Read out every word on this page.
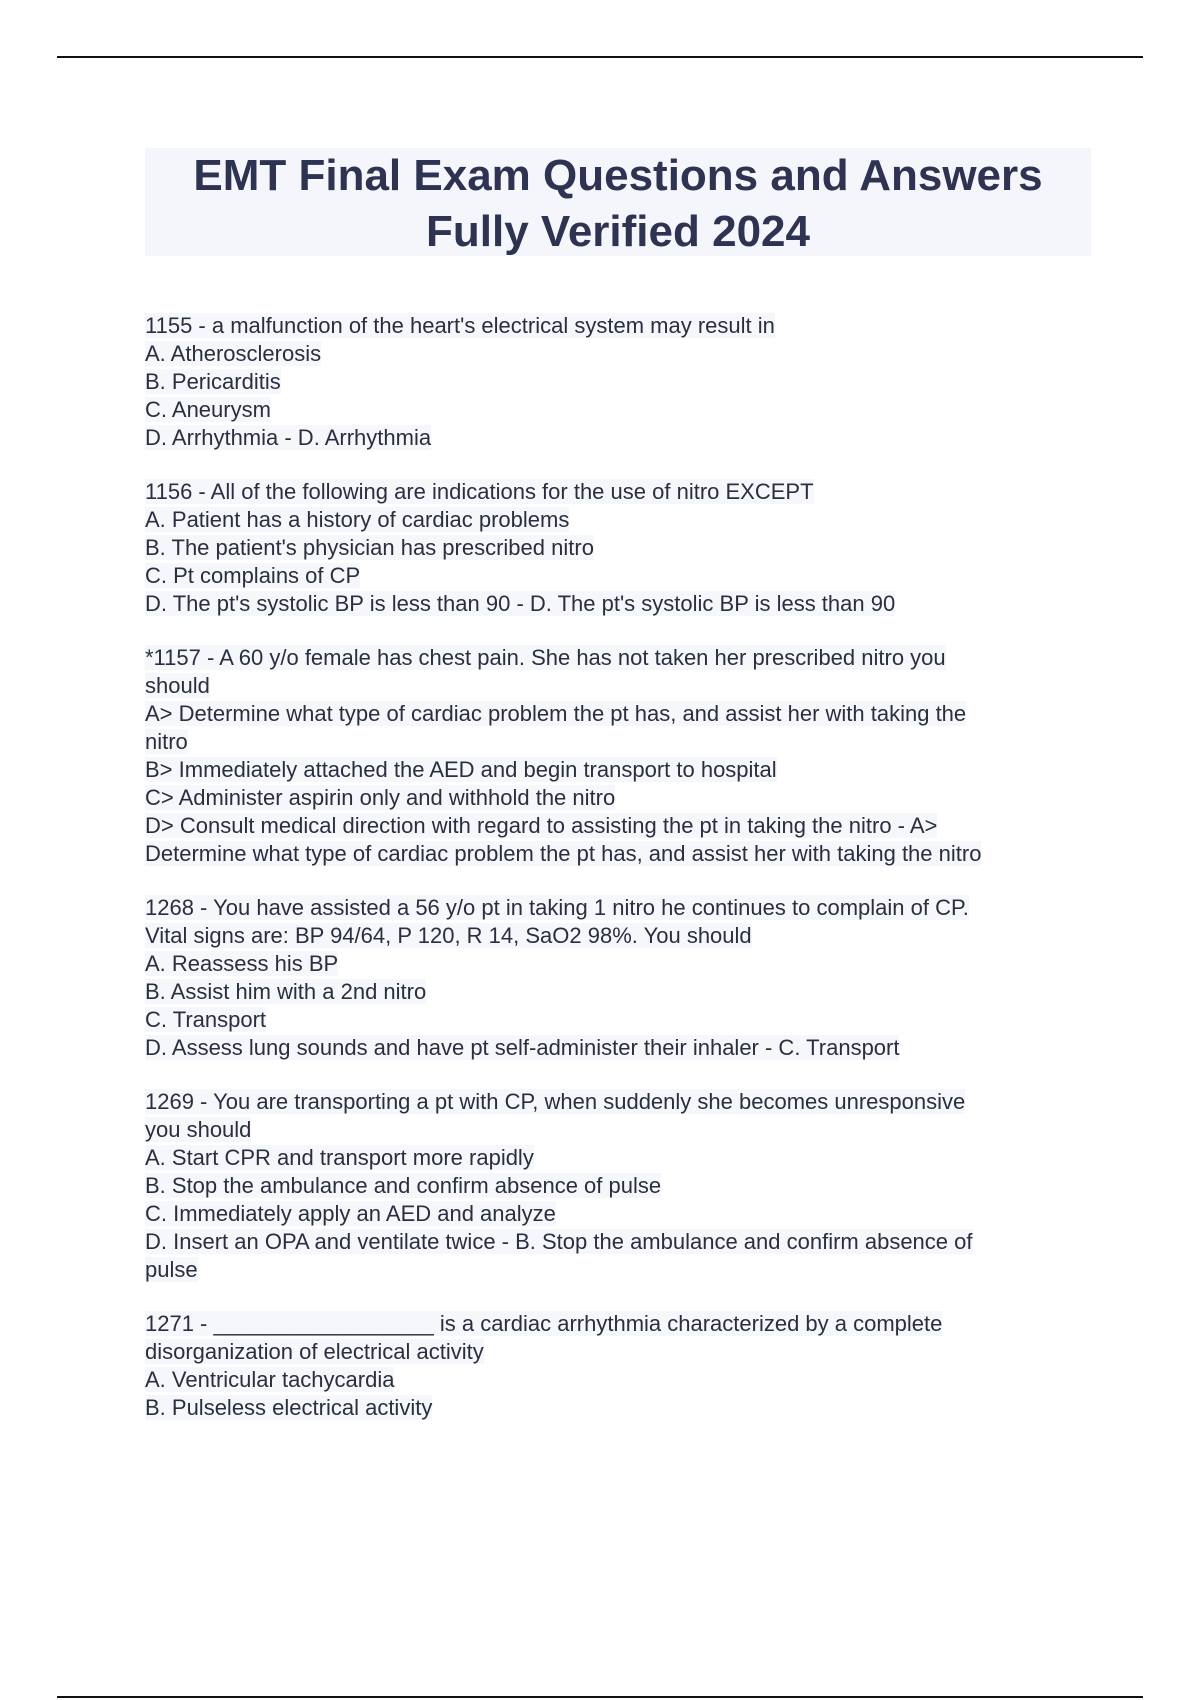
EMT Final Exam Questions and Answers
Fully Verified 2024
1155 - a malfunction of the heart's electrical system may result in
A. Atherosclerosis
B. Pericarditis
C. Aneurysm
D. Arrhythmia - D. Arrhythmia
1156 - All of the following are indications for the use of nitro EXCEPT
A. Patient has a history of cardiac problems
B. The patient's physician has prescribed nitro
C. Pt complains of CP
D. The pt's systolic BP is less than 90 - D. The pt's systolic BP is less than 90
*1157 - A 60 y/o female has chest pain. She has not taken her prescribed nitro you
should
A> Determine what type of cardiac problem the pt has, and assist her with taking the
nitro
B> Immediately attached the AED and begin transport to hospital
C> Administer aspirin only and withhold the nitro
D> Consult medical direction with regard to assisting the pt in taking the nitro - A>
Determine what type of cardiac problem the pt has, and assist her with taking the nitro
1268 - You have assisted a 56 y/o pt in taking 1 nitro he continues to complain of CP.
Vital signs are: BP 94/64, P 120, R 14, SaO2 98%. You should
A. Reassess his BP
B. Assist him with a 2nd nitro
C. Transport
D. Assess lung sounds and have pt self-administer their inhaler - C. Transport
1269 - You are transporting a pt with CP, when suddenly she becomes unresponsive
you should
A. Start CPR and transport more rapidly
B. Stop the ambulance and confirm absence of pulse
C. Immediately apply an AED and analyze
D. Insert an OPA and ventilate twice - B. Stop the ambulance and confirm absence of
pulse
1271 - __________________ is a cardiac arrhythmia characterized by a complete
disorganization of electrical activity
A. Ventricular tachycardia
B. Pulseless electrical activity
